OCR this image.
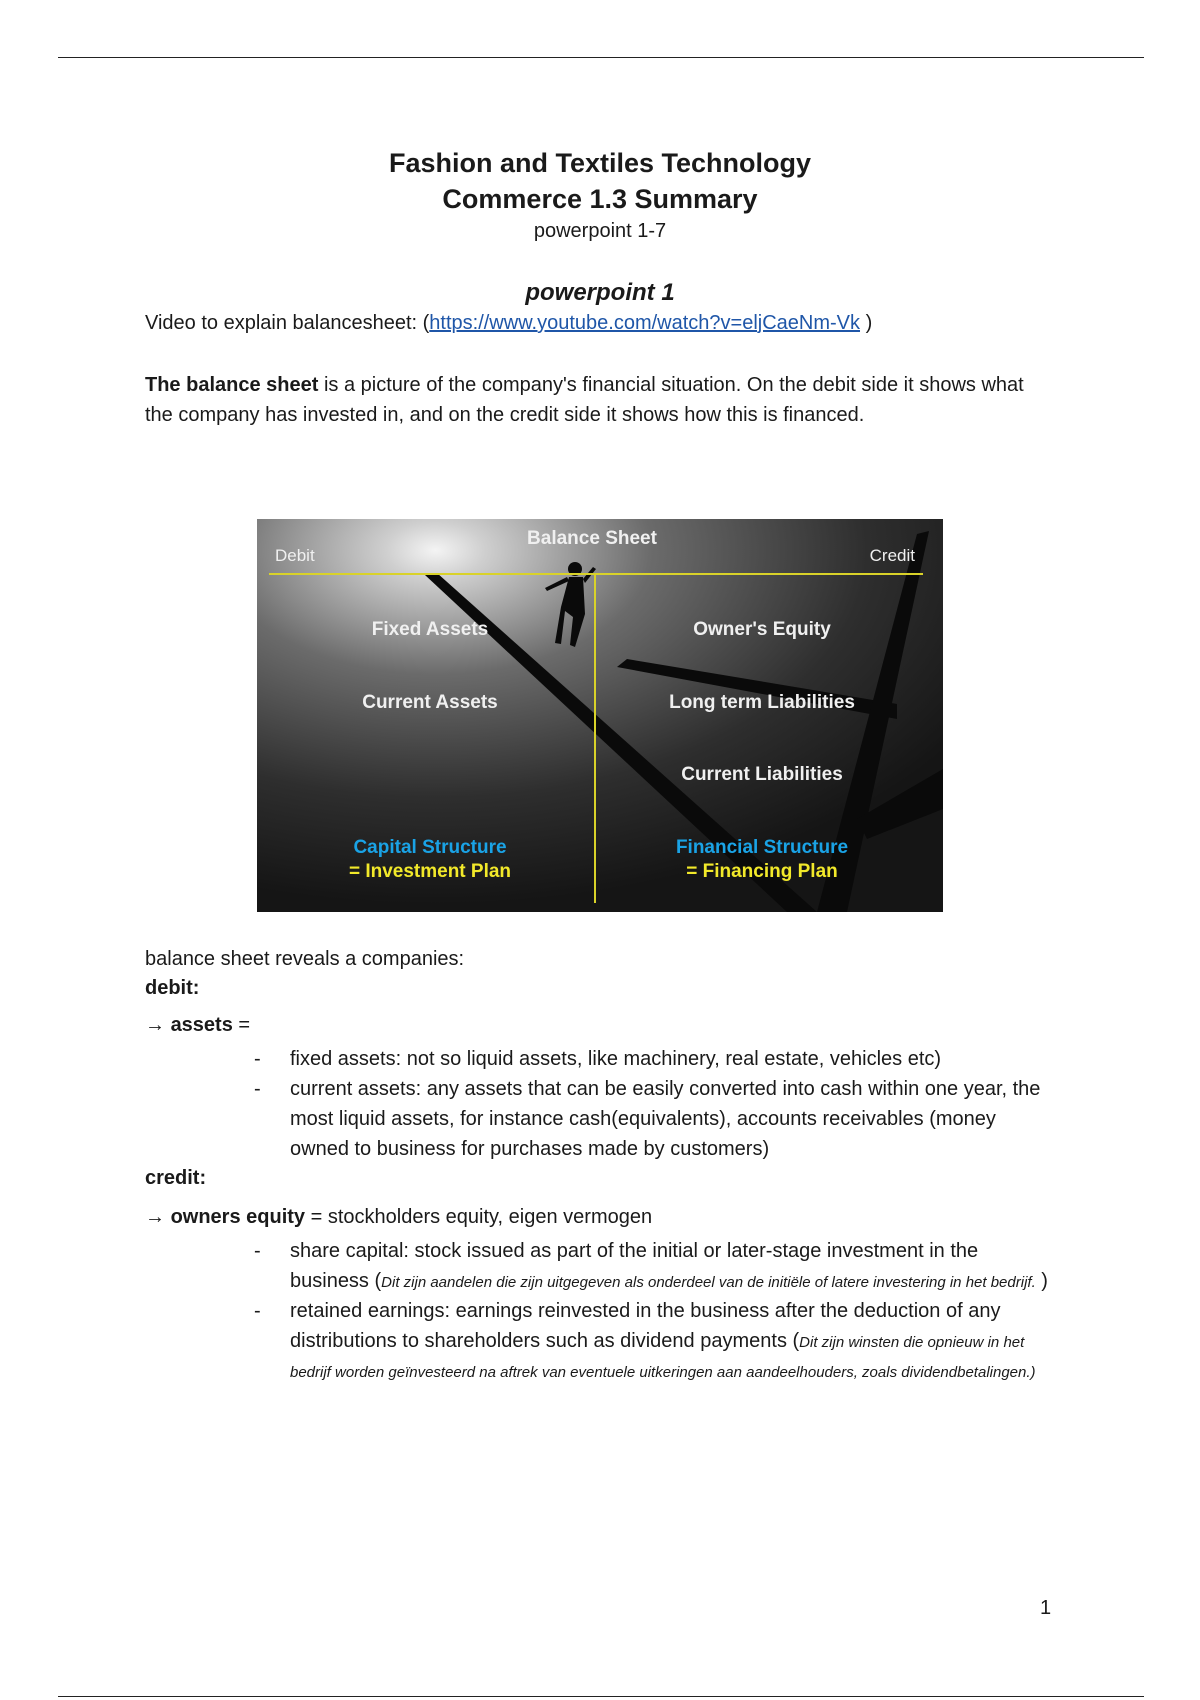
Fashion and Textiles Technology
Commerce 1.3 Summary
powerpoint 1-7
powerpoint 1
Video to explain balancesheet: (https://www.youtube.com/watch?v=eljCaeNm-Vk )
The balance sheet is a picture of the company's financial situation. On the debit side it shows what the company has invested in, and on the credit side it shows how this is financed.
Balance Sheet
Debit	Credit
Fixed Assets
Current Assets
Owner's Equity
Long term Liabilities
Current Liabilities
Capital Structure
= Investment Plan
Financial Structure
= Financing Plan
balance sheet reveals a companies:
debit:
→ assets =
- fixed assets: not so liquid assets, like machinery, real estate, vehicles etc)
- current assets: any assets that can be easily converted into cash within one year, the most liquid assets, for instance cash(equivalents), accounts receivables (money owned to business for purchases made by customers)
credit:
→ owners equity = stockholders equity, eigen vermogen
- share capital: stock issued as part of the initial or later-stage investment in the business (Dit zijn aandelen die zijn uitgegeven als onderdeel van de initiële of latere investering in het bedrijf. )
- retained earnings: earnings reinvested in the business after the deduction of any distributions to shareholders such as dividend payments (Dit zijn winsten die opnieuw in het bedrijf worden geïnvesteerd na aftrek van eventuele uitkeringen aan aandeelhouders, zoals dividendbetalingen.)
1
